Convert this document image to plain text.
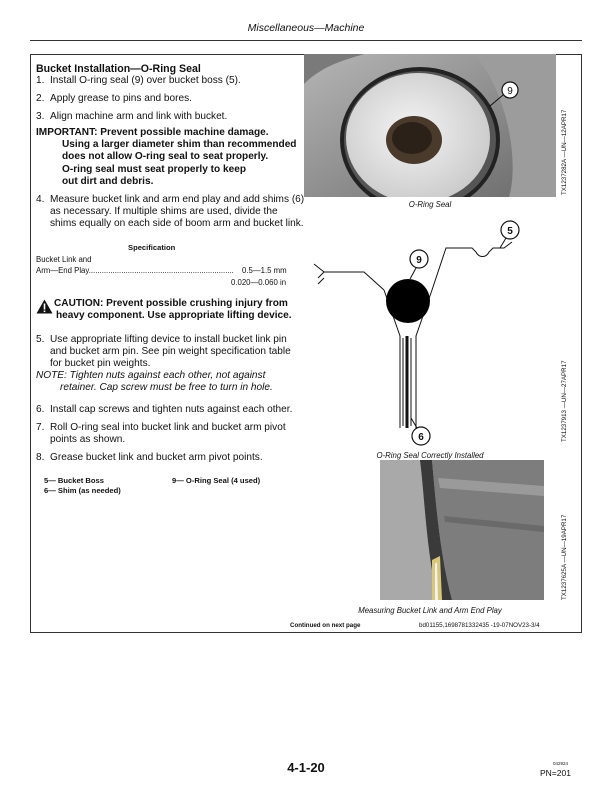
Miscellaneous—Machine
Bucket Installation—O-Ring Seal
1. Install O-ring seal (9) over bucket boss (5).
2. Apply grease to pins and bores.
3. Align machine arm and link with bucket.
IMPORTANT: Prevent possible machine damage.
Using a larger diameter shim than recommended
does not allow O-ring seal to seat properly.
O-ring seal must seat properly to keep
out dirt and debris.
4. Measure bucket link and arm end play and add shims (6) as necessary. If multiple shims are used, divide the shims equally on each side of boom arm and bucket link.
Specification
Bucket Link and
Arm—End Play...................................................................	0.5—1.5 mm
0.020—0.060 in
CAUTION: Prevent possible crushing injury from
heavy component. Use appropriate lifting device.
5. Use appropriate lifting device to install bucket link pin and bucket arm pin. See pin weight specification table for bucket pin weights.
NOTE: Tighten nuts against each other, not against
retainer. Cap screw must be free to turn in hole.
6. Install cap screws and tighten nuts against each other.
7. Roll O-ring seal into bucket link and bucket arm pivot points as shown.
8. Grease bucket link and bucket arm pivot points.
5— Bucket Boss
6— Shim (as needed)
9— O-Ring Seal (4 used)
9
O-Ring Seal
TX1237282A —UN—12APR17
9
5
6
O-Ring Seal Correctly Installed
TX1237913 —UN—27APR17
Measuring Bucket Link and Arm End Play
TX1237625A —UN—19APR17
Continued on next page	bd01155,1698781332435 -19-07NOV23-3/4
4-1-20	042924
PN=201
